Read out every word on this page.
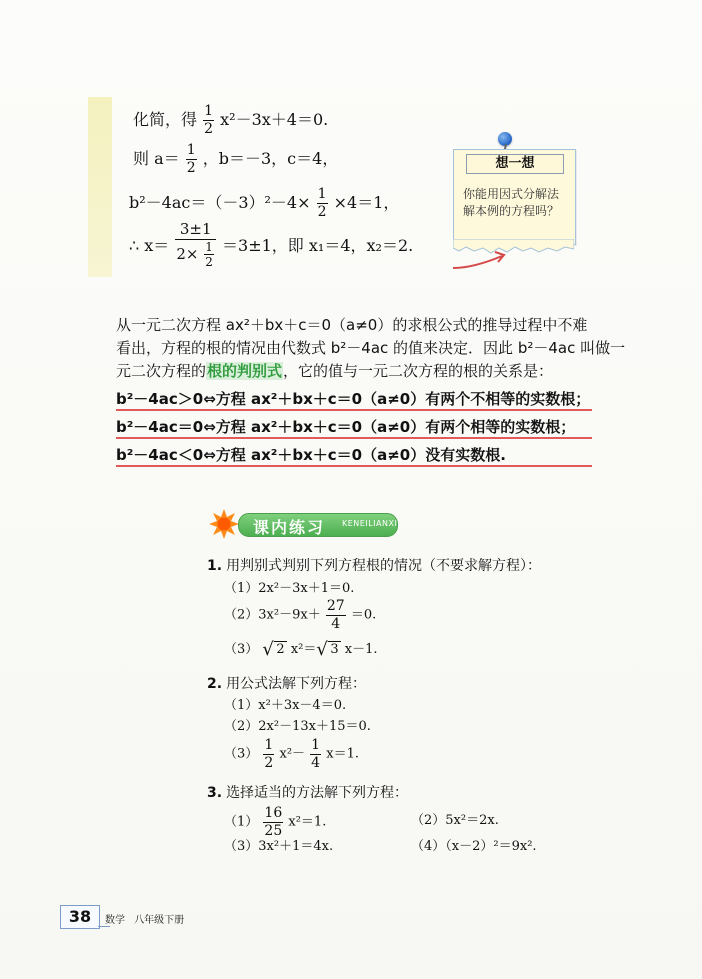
化简，得 $\frac{1}{2} x^2-3x+4=0$.
则 $a= \frac{1}{2}$ ，b＝－3，c＝4，
$b^2-4ac=(-3)^2-4\times \frac{1}{2} \times 4=1$，
∴ $x= \frac{3\pm 1}{2\times \frac{1}{2}} =3\pm 1$，即 x₁＝4，x₂＝2.
想一想
你能用因式分解法解本例的方程吗？
从一元二次方程 ax²＋bx＋c＝0（a≠0）的求根公式的推导过程中不难
看出，方程的根的情况由代数式 b²－4ac 的值来决定．因此 b²－4ac 叫做一
元二次方程的根的判别式，它的值与一元二次方程的根的关系是：
b²－4ac＞0⇔方程 ax²＋bx＋c＝0（a≠0）有两个不相等的实数根；
b²－4ac＝0⇔方程 ax²＋bx＋c＝0（a≠0）有两个相等的实数根；
b²－4ac＜0⇔方程 ax²＋bx＋c＝0（a≠0）没有实数根.
课内练习 KENEILIANXI
1. 用判别式判别下列方程根的情况（不要求解方程）：
（1）2x²－3x＋1＝0.
$(2)3x^2-9x+ \frac{27}{4} =0$.
（3） √ 2 x²＝ √ 3 x－1.
2. 用公式法解下列方程：
（1）x²＋3x－4＝0.
（2）2x²－13x＋15＝0.
$(3) \frac{1}{2} x^2- \frac{1}{4} x=1$.
3. 选择适当的方法解下列方程：
$(1) \frac{16}{25} x^2=1$.	（2）5x²＝2x.
（3）3x²＋1＝4x.	（4）（x－2）²＝9x².
38	数学 八年级下册
